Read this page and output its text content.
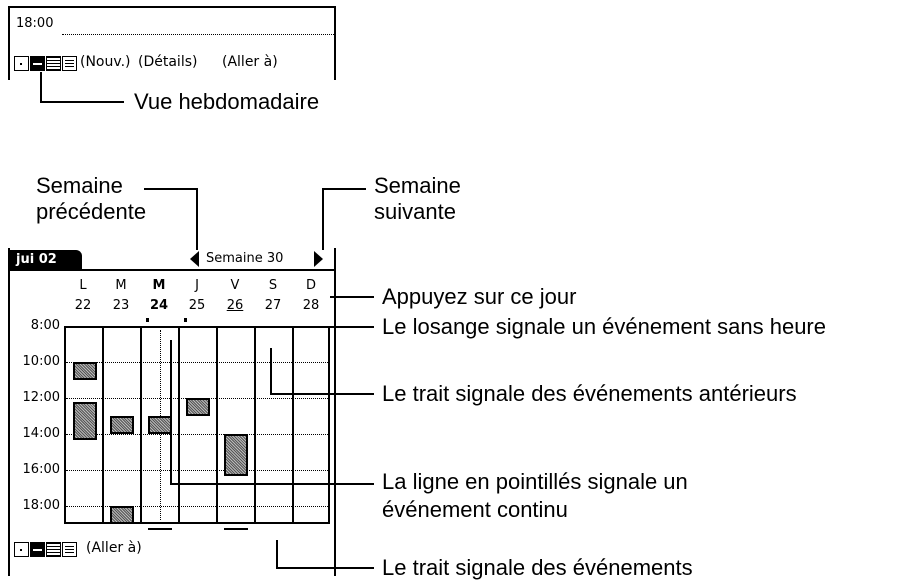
18:00
(Nouv.) (Détails) (Aller à)
Vue hebdomadaire
Semaine
précédente
Semaine
suivante
jui 02	Semaine 30
L
22
M
23
M
24
J
25
V
26
S
27
D
28
8:00
10:00
12:00
14:00
16:00
18:00
(Aller à)
Appuyez sur ce jour
Le losange signale un événement sans heure
Le trait signale des événements antérieurs
La ligne en pointillés signale un
événement continu
Le trait signale des événements
